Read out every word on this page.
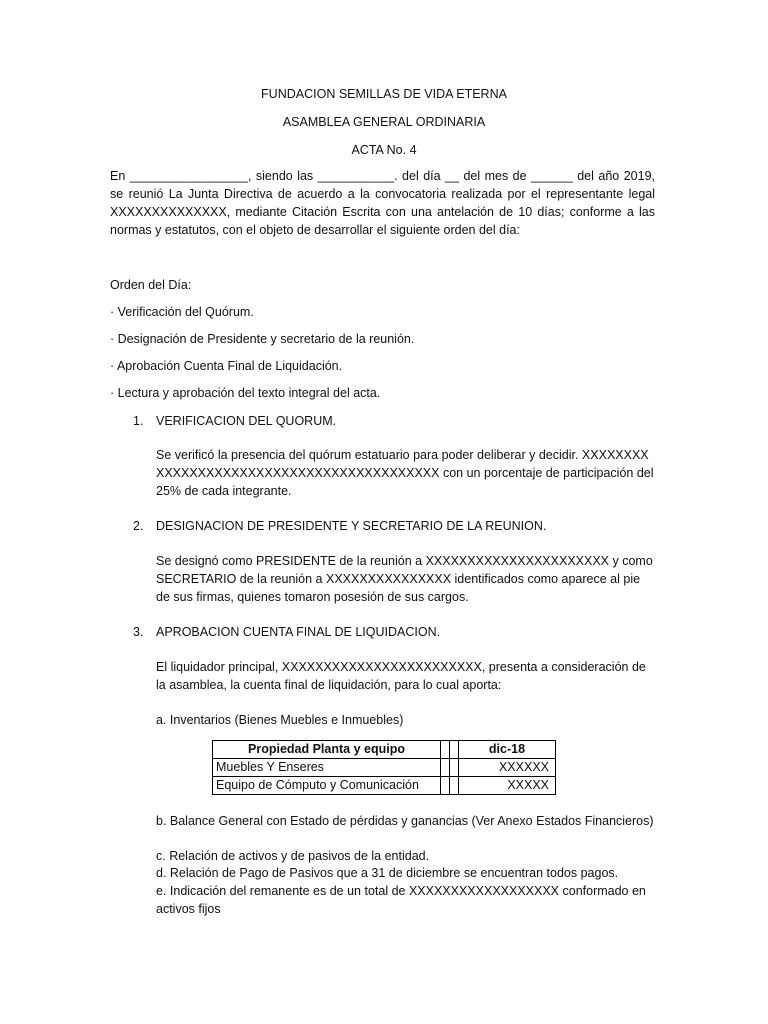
FUNDACION SEMILLAS DE VIDA ETERNA
ASAMBLEA GENERAL ORDINARIA
ACTA No. 4
En _________________, siendo las ___________. del día __ del mes de ______ del año 2019, se reunió La Junta Directiva de acuerdo a la convocatoria realizada por el representante legal XXXXXXXXXXXXXX, mediante Citación Escrita con una antelación de 10 días; conforme a las normas y estatutos, con el objeto de desarrollar el siguiente orden del día:
Orden del Día:
· Verificación del Quórum.
· Designación de Presidente y secretario de la reunión.
· Aprobación Cuenta Final de Liquidación.
· Lectura y aprobación del texto integral del acta.
1. VERIFICACION DEL QUORUM.
Se verificó la presencia del quórum estatuario para poder deliberar y decidir. XXXXXXXXXXXXXXXXXXXXXXXXXXXXXXXXXXXXXXXXXX con un porcentaje de participación del 25% de cada integrante.
2. DESIGNACION DE PRESIDENTE Y SECRETARIO DE LA REUNION.
Se designó como PRESIDENTE de la reunión a XXXXXXXXXXXXXXXXXXXXXX y como SECRETARIO de la reunión a XXXXXXXXXXXXXXX identificados como aparece al pie de sus firmas, quienes tomaron posesión de sus cargos.
3. APROBACION CUENTA FINAL DE LIQUIDACION.
El liquidador principal, XXXXXXXXXXXXXXXXXXXXXXXX, presenta a consideración de la asamblea, la cuenta final de liquidación, para lo cual aporta:
a. Inventarios (Bienes Muebles e Inmuebles)
Propiedad Planta y equipo			dic-18
Muebles Y Enseres			XXXXXX
Equipo de Cómputo y Comunicación			XXXXX
b. Balance General con Estado de pérdidas y ganancias (Ver Anexo Estados Financieros)
c. Relación de activos y de pasivos de la entidad.
d. Relación de Pago de Pasivos que a 31 de diciembre se encuentran todos pagos.
e. Indicación del remanente es de un total de XXXXXXXXXXXXXXXXXX conformado en activos fijos
